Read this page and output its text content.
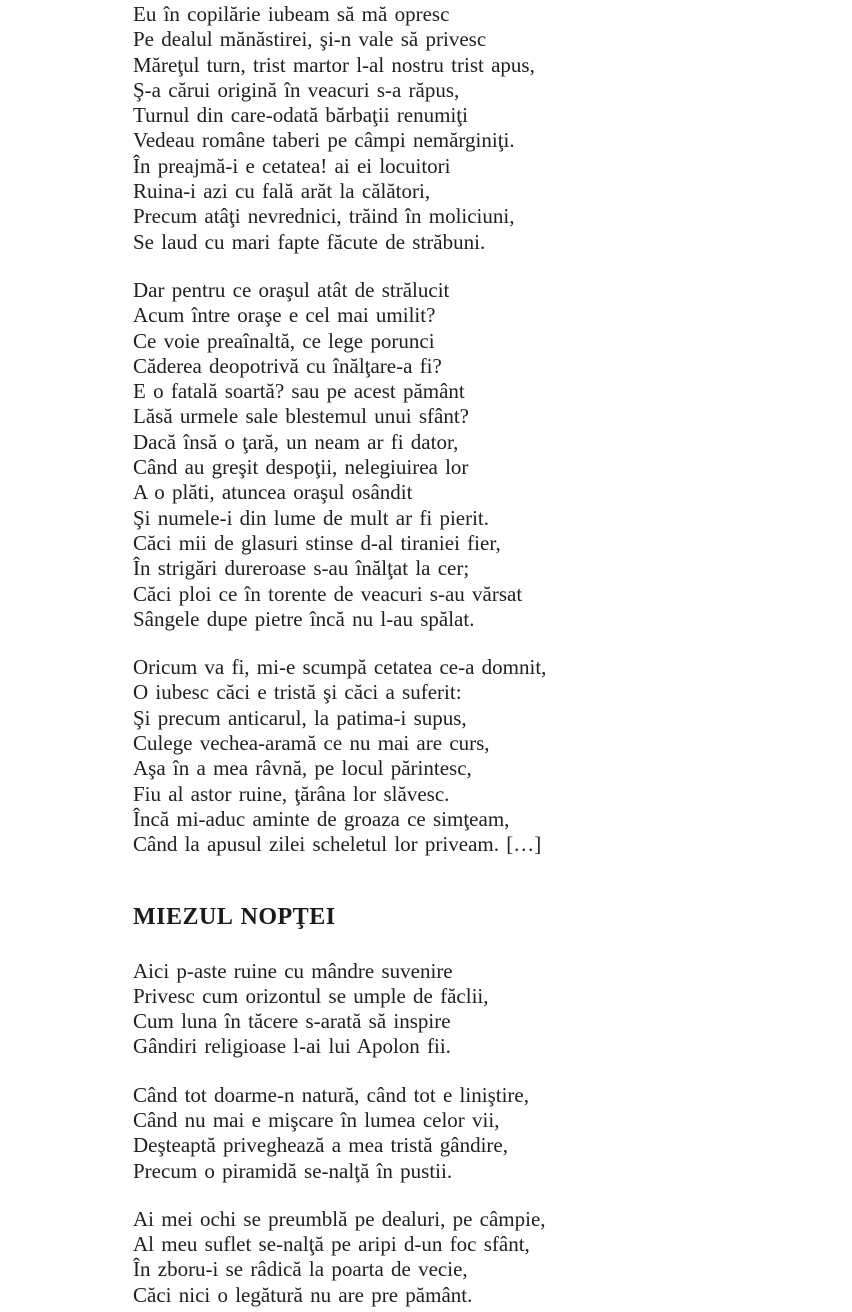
Eu în copilărie iubeam să mă opresc
Pe dealul mănăstirei, şi-n vale să privesc
Măreţul turn, trist martor l-al nostru trist apus,
Ş-a cărui origină în veacuri s-a răpus,
Turnul din care-odată bărbaţii renumiţi
Vedeau române taberi pe câmpi nemărginiţi.
În preajmă-i e cetatea! ai ei locuitori
Ruina-i azi cu fală arăt la călători,
Precum atâţi nevrednici, trăind în moliciuni,
Se laud cu mari fapte făcute de străbuni.
Dar pentru ce oraşul atât de strălucit
Acum între oraşe e cel mai umilit?
Ce voie preaînaltă, ce lege porunci
Căderea deopotrivă cu înălţare-a fi?
E o fatală soartă? sau pe acest pământ
Lăsă urmele sale blestemul unui sfânt?
Dacă însă o ţară, un neam ar fi dator,
Când au greşit despoţii, nelegiuirea lor
A o plăti, atuncea oraşul osândit
Şi numele-i din lume de mult ar fi pierit.
Căci mii de glasuri stinse d-al tiraniei fier,
În strigări dureroase s-au înălţat la cer;
Căci ploi ce în torente de veacuri s-au vărsat
Sângele dupe pietre încă nu l-au spălat.
Oricum va fi, mi-e scumpă cetatea ce-a domnit,
O iubesc căci e tristă şi căci a suferit:
Şi precum anticarul, la patima-i supus,
Culege vechea-aramă ce nu mai are curs,
Aşa în a mea râvnă, pe locul părintesc,
Fiu al astor ruine, ţărâna lor slăvesc.
Încă mi-aduc aminte de groaza ce simţeam,
Când la apusul zilei scheletul lor priveam. […]
MIEZUL NOPŢEI
Aici p-aste ruine cu mândre suvenire
Privesc cum orizontul se umple de făclii,
Cum luna în tăcere s-arată să inspire
Gândiri religioase l-ai lui Apolon fii.
Când tot doarme-n natură, când tot e liniştire,
Când nu mai e mişcare în lumea celor vii,
Deşteaptă priveghează a mea tristă gândire,
Precum o piramidă se-nalţă în pustii.
Ai mei ochi se preumblă pe dealuri, pe câmpie,
Al meu suflet se-nalţă pe aripi d-un foc sfânt,
În zboru-i se râdică la poarta de vecie,
Căci nici o legătură nu are pre pământ.
